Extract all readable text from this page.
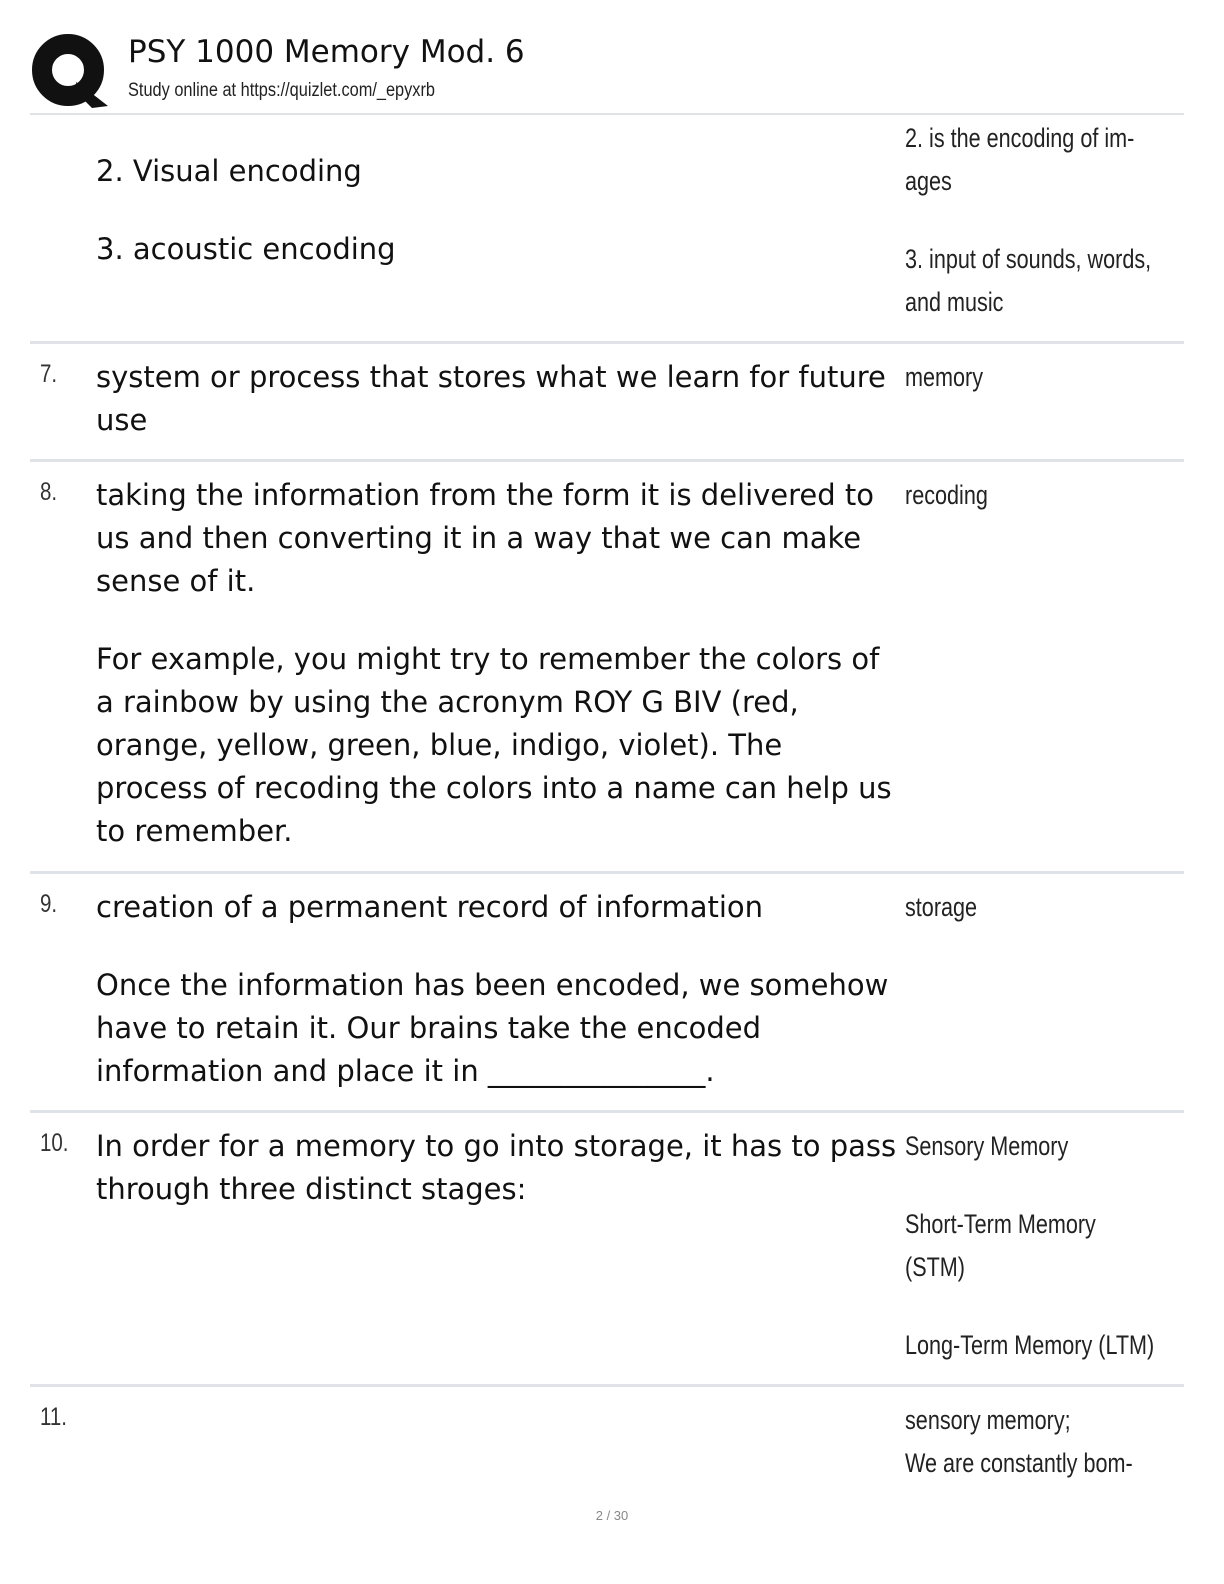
PSY 1000 Memory Mod. 6
Study online at https://quizlet.com/_epyxrb

2. Visual encoding

3. acoustic encoding

2. is the encoding of im-
ages

3. input of sounds, words,
and music

7. system or process that stores what we learn for future use

memory

8. taking the information from the form it is delivered to us and then converting it in a way that we can make sense of it.

For example, you might try to remember the colors of a rainbow by using the acronym ROY G BIV (red, orange, yellow, green, blue, indigo, violet). The process of recoding the colors into a name can help us to remember.

recoding

9. creation of a permanent record of information

Once the information has been encoded, we somehow have to retain it. Our brains take the encoded information and place it in _______________.

storage

10. In order for a memory to go into storage, it has to pass through three distinct stages:

Sensory Memory

Short-Term Memory
(STM)

Long-Term Memory (LTM)

11.	sensory memory;
We are constantly bom-

2 / 30
